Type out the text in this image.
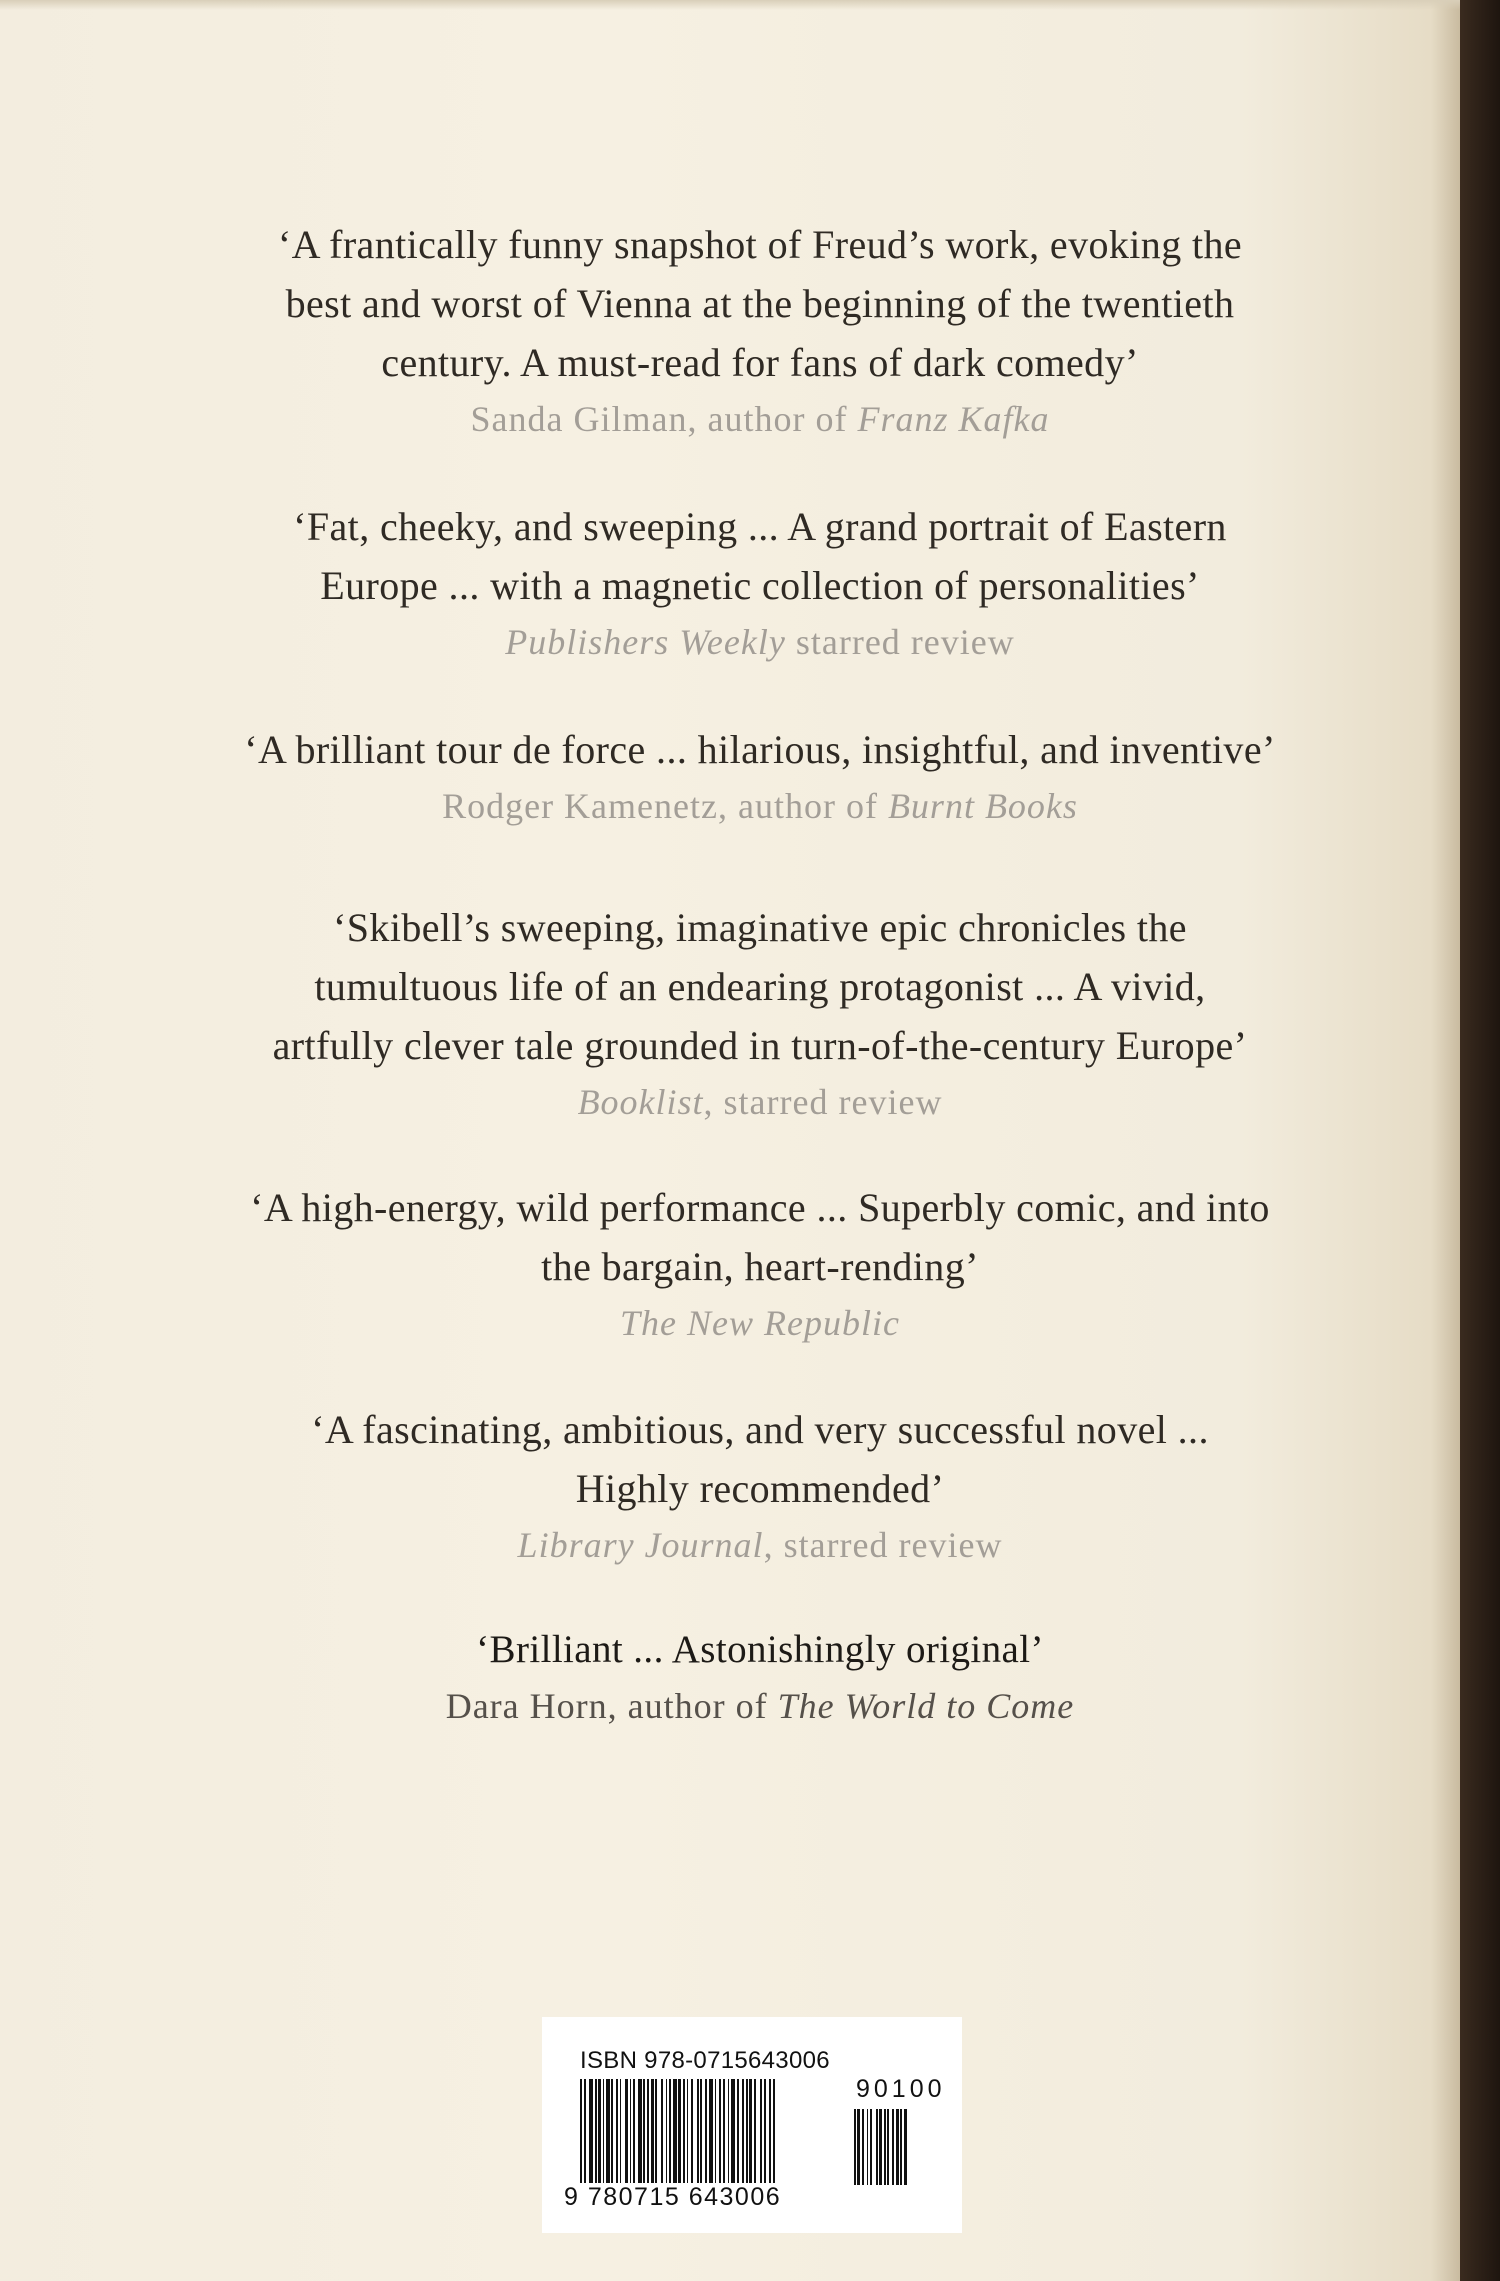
‘A frantically funny snapshot of Freud’s work, evoking the
best and worst of Vienna at the beginning of the twentieth
century. A must-read for fans of dark comedy’
Sanda Gilman, author of Franz Kafka
‘Fat, cheeky, and sweeping ... A grand portrait of Eastern
Europe ... with a magnetic collection of personalities’
Publishers Weekly starred review
‘A brilliant tour de force ... hilarious, insightful, and inventive’
Rodger Kamenetz, author of Burnt Books
‘Skibell’s sweeping, imaginative epic chronicles the
tumultuous life of an endearing protagonist ... A vivid,
artfully clever tale grounded in turn-of-the-century Europe’
Booklist, starred review
‘A high-energy, wild performance ... Superbly comic, and into
the bargain, heart-rending’
The New Republic
‘A fascinating, ambitious, and very successful novel ...
Highly recommended’
Library Journal, starred review
‘Brilliant ... Astonishingly original’
Dara Horn, author of The World to Come
ISBN 978-0715643006
9 780715 643006
90100
